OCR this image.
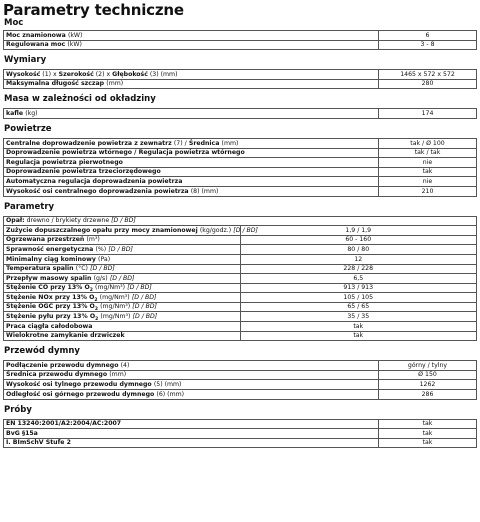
Parametry techniczne
Moc
Moc znamionowa (kW)	6
Regulowana moc (kW)	3 - 8
Wymiary
Wysokość (1) x Szerokość (2) x Głębokość (3) (mm)	1465 x 572 x 572
Maksymalna długość szczap (mm)	280
Masa w zależności od okładziny
kafle (kg)	174
Powietrze
Centralne doprowadzenie powietrza z zewnatrz (7) / Średnica (mm)	tak / Ø 100
Doprowadzenie powietrza wtórnego / Regulacja powietrza wtórnego	tak / tak
Regulacja powietrza pierwotnego	nie
Doprowadzenie powietrza trzeciorzędowego	tak
Automatyczna regulacja doprowadzenia powietrza	nie
Wysokość osi centralnego doprowadzenia powietrza (8) (mm)	210
Parametry
Opał: drewno / brykiety drzewne [D / BD]	
Zużycie dopuszczalnego opału przy mocy znamionowej (kg/godz.) [D / BD]	1,9 / 1,9
Ogrzewana przestrzeń (m³)	60 - 160
Sprawność energetyczna (%) [D / BD]	80 / 80
Minimalny ciąg kominowy (Pa)	12
Temperatura spalin (°C) [D / BD]	228 / 228
Przepływ masowy spalin (g/s) [D / BD]	6,5
Stężenie CO przy 13% $O_2$ (mg/Nm³) [D / BD]	913 / 913
Stężenie NOx przy 13% $O_2$ (mg/Nm³) [D / BD]	105 / 105
Stężenie OGC przy 13% $O_2$ (mg/Nm³) [D / BD]	65 / 65
Stężenie pyłu przy 13% $O_2$ (mg/Nm³) [D / BD]	35 / 35
Praca ciągła całodobowa	tak
Wielokrotne zamykanie drzwiczek	tak
Przewód dymny
Podłączenie przewodu dymnego (4)	górny / tylny
Średnica przewodu dymnego (mm)	Ø 150
Wysokość osi tylnego przewodu dymnego (5) (mm)	1262
Odległość osi górnego przewodu dymnego (6) (mm)	286
Próby
EN 13240:2001/A2:2004/AC:2007	tak
BvG §15a	tak
I. BImSchV Stufe 2	tak
